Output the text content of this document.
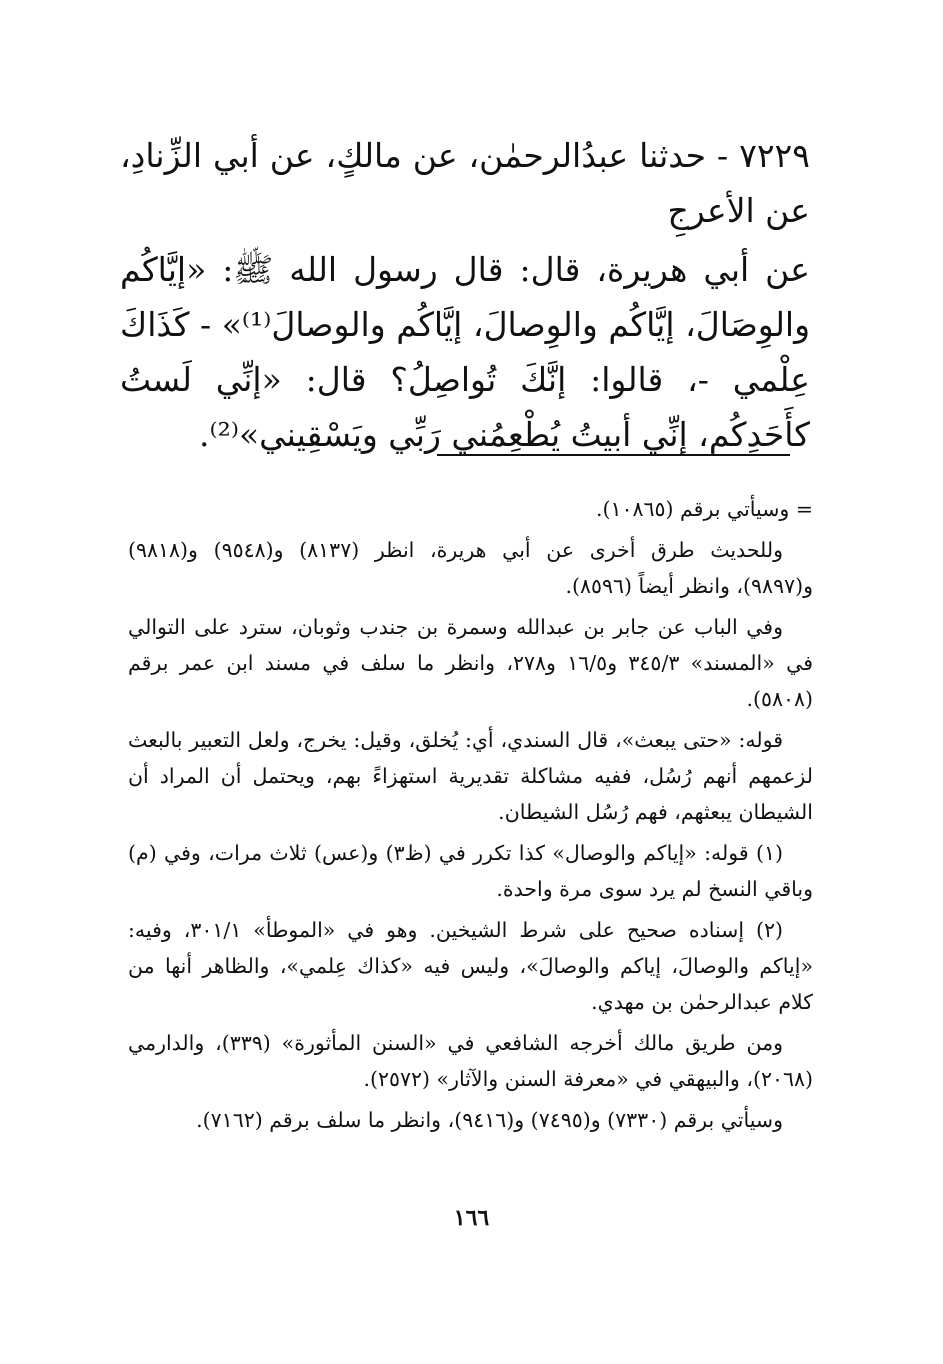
٧٢٢٩ - حدثنا عبدُالرحمٰن، عن مالكٍ، عن أبي الزِّنادِ، عن الأعرجِ

عن أبي هريرة، قال: قال رسول الله ﷺ: «إيَّاكُم والوِصَالَ، إيَّاكُم والوِصالَ، إيَّاكُم والوصالَ⁽¹⁾» - كَذَاكَ عِلْمي -، قالوا: إنَّكَ تُواصِلُ؟ قال: «إنِّي لَستُ كأَحَدِكُم، إنِّي أبيتُ يُطْعِمُني رَبِّي ويَسْقِيني»⁽²⁾.

= وسيأتي برقم (١٠٨٦٥).

وللحديث طرق أخرى عن أبي هريرة، انظر (٨١٣٧) و(٩٥٤٨) و(٩٨١٨) و(٩٨٩٧)، وانظر أيضاً (٨٥٩٦).

وفي الباب عن جابر بن عبدالله وسمرة بن جندب وثوبان، سترد على التوالي في «المسند» ٣٤٥/٣ و١٦/٥ و٢٧٨، وانظر ما سلف في مسند ابن عمر برقم (٥٨٠٨).

قوله: «حتى يبعث»، قال السندي، أي: يُخلق، وقيل: يخرج، ولعل التعبير بالبعث لزعمهم أنهم رُسُل، ففيه مشاكلة تقديرية استهزاءً بهم، ويحتمل أن المراد أن الشيطان يبعثهم، فهم رُسُل الشيطان.

(١) قوله: «إياكم والوصال» كذا تكرر في (ظ٣) و(عس) ثلاث مرات، وفي (م) وباقي النسخ لم يرد سوى مرة واحدة.

(٢) إسناده صحيح على شرط الشيخين. وهو في «الموطأ» ٣٠١/١، وفيه: «إياكم والوصالَ، إياكم والوصالَ»، وليس فيه «كذاك عِلمي»، والظاهر أنها من كلام عبدالرحمٰن بن مهدي.

ومن طريق مالك أخرجه الشافعي في «السنن المأثورة» (٣٣٩)، والدارمي (٢٠٦٨)، والبيهقي في «معرفة السنن والآثار» (٢٥٧٢).

وسيأتي برقم (٧٣٣٠) و(٧٤٩٥) و(٩٤١٦)، وانظر ما سلف برقم (٧١٦٢).

١٦٦
